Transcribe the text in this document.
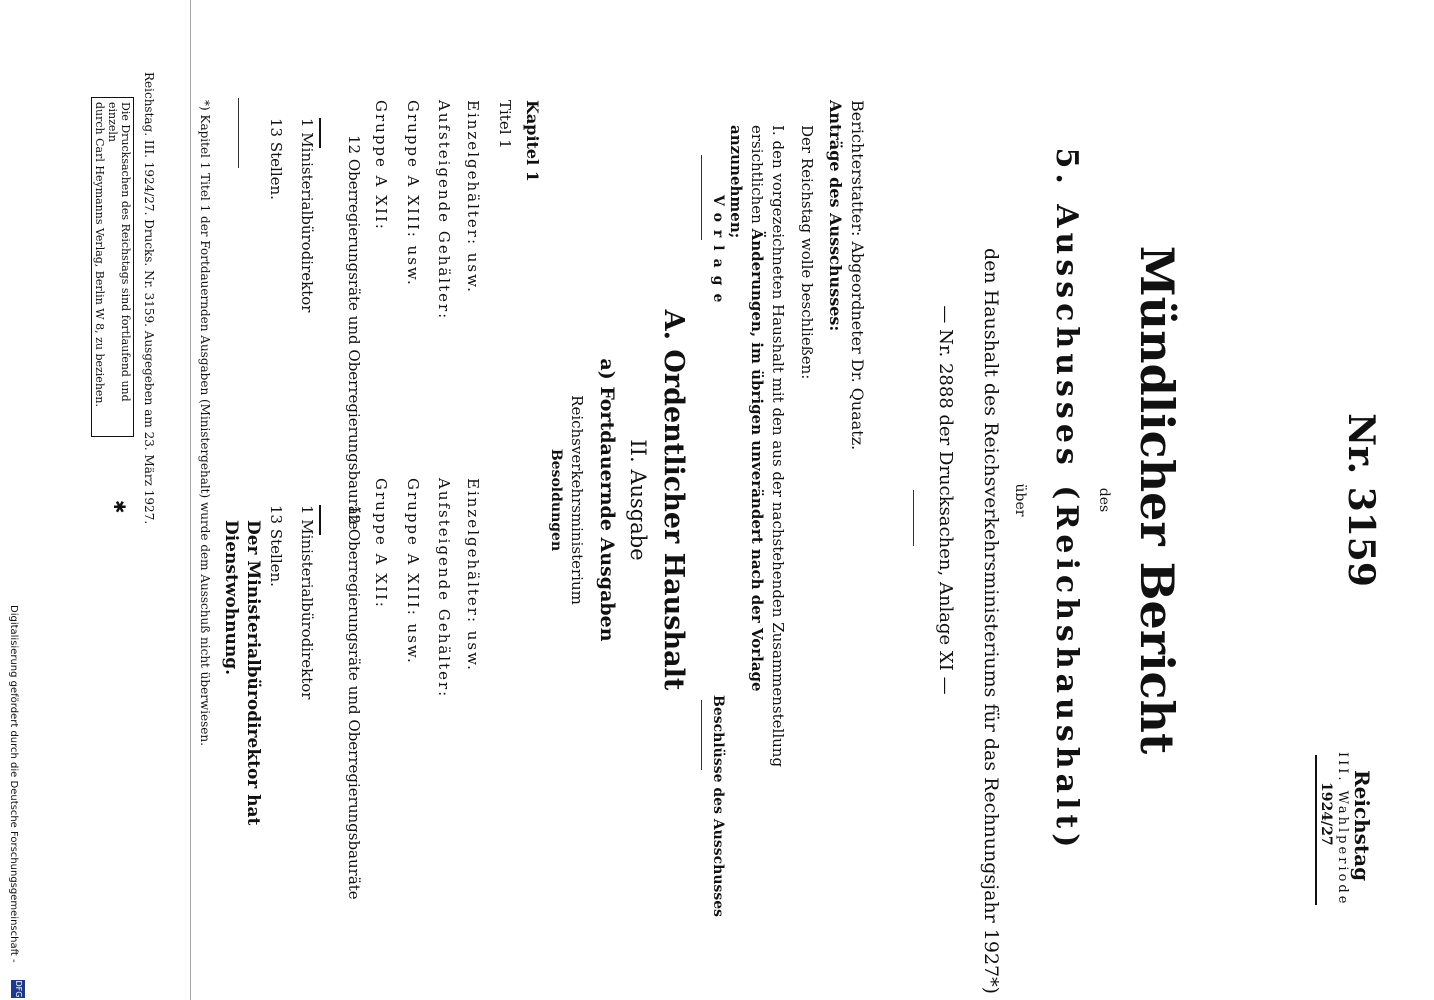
Nr. 3159
Reichstag
III. Wahlperiode
1924/27
Mündlicher Bericht
des
5. Ausschusses (Reichshaushalt)
über
den Haushalt des Reichsverkehrsministeriums für das Rechnungsjahr 1927*)
— Nr. 2888 der Drucksachen, Anlage XI —
Berichterstatter: Abgeordneter Dr. Quaatz.
Anträge des Ausschusses:
Der Reichstag wolle beschließen:
I. den vorgezeichneten Haushalt mit den aus der nachstehenden Zusammenstellung ersichtlichen Änderungen, im übrigen unverändert nach der Vorlage anzunehmen;
Vorlage
Beschlüsse des Ausschusses
A. Ordentlicher Haushalt
II. Ausgabe
a) Fortdauernde Ausgaben
Reichsverkehrsministerium
Besoldungen
Kapitel 1
Titel 1
Einzelgehälter: usw.
Aufsteigende Gehälter:
Gruppe A XIII: usw.
Gruppe A XII:
12 Oberregierungsräte und Oberregierungsbauräte
1 Ministerialbürodirektor
13 Stellen.
Einzelgehälter: usw.
Aufsteigende Gehälter:
Gruppe A XIII: usw.
Gruppe A XII:
12 Oberregierungsräte und Oberregierungsbauräte
1 Ministerialbürodirektor
13 Stellen.
Der Ministerialbürodirektor hat Dienstwohnung.
*) Kapitel 1 Titel 1 der Fortdauernden Ausgaben (Ministergehalt) wurde dem Ausschuß nicht überwiesen.
Reichstag. III. 1924/27. Drucks. Nr. 3159. Ausgegeben am 23. März 1927.
Die Drucksachen des Reichstags sind fortlaufend und einzeln
durch Carl Heymanns Verlag, Berlin W 8, zu beziehen.
✱
Digitalisierung gefördert durch die Deutsche Forschungsgemeinschaft -
DFG
